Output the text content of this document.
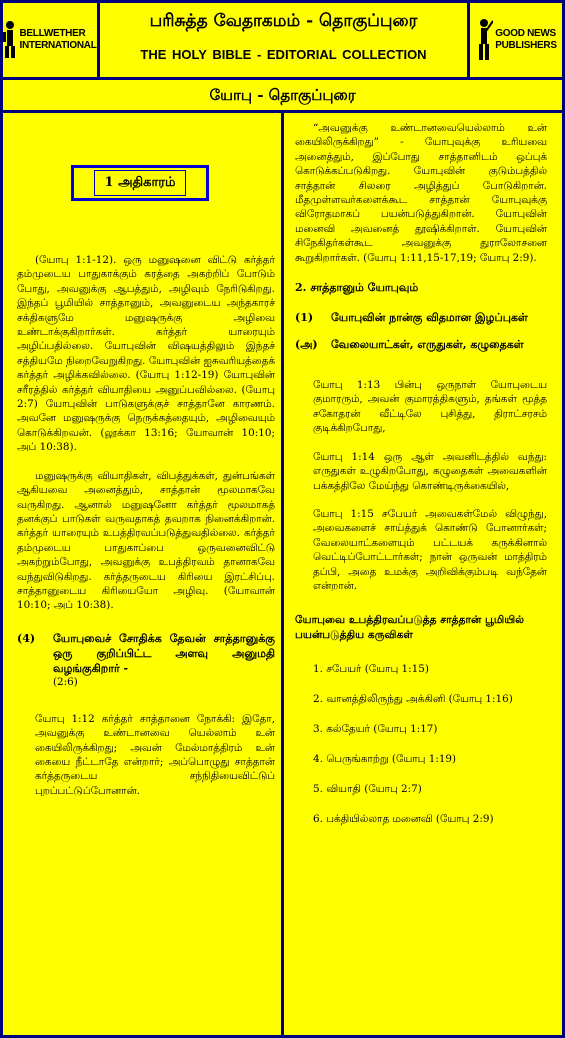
BELLWETHER
INTERNATIONAL
பரிசுத்த வேதாகமம் - தொகுப்புரை
THE HOLY BIBLE - EDITORIAL COLLECTION
GOOD NEWS
PUBLISHERS
யோபு - தொகுப்புரை
1 அதிகாரம்

(யோபு 1:1-12). ஒரு மனுஷனை விட்டு கர்த்தர் தம்முடைய பாதுகாக்கும் கரத்தை அகற்றிப் போடும் போது, அவனுக்கு ஆபத்தும், அழிவும் நேரிடுகிறது. இந்தப் பூமியில் சாத்தானும், அவனுடைய அந்தகாரச் சக்திகளுமே மனுஷருக்கு அழிவை உண்டாக்குகிறார்கள். கர்த்தர் யாரையும் அழிப்பதில்லை. யோபுவின் விஷயத்திலும் இந்தச் சத்தியமே நிறைவேறுகிறது. யோபுவின் ஐசுவரியத்தைக் கர்த்தர் அழிக்கவில்லை. (யோபு 1:12-19) யோபுவின் சரீரத்தில் கர்த்தர் வியாதியை அனுப்பவில்லை. (யோபு 2:7) யோபுவின் பாடுகளுக்குச் சாத்தானே காரணம். அவனே மனுஷருக்கு நெருக்கத்தையும், அழிவையும் கொடுக்கிறவன். (லூக்கா 13:16; யோவான் 10:10; அப் 10:38).

மனுஷருக்கு வியாதிகள், விபத்துக்கள், துன்பங்கள் ஆகியவை அனைத்தும், சாத்தான் மூலமாகவே வருகிறது. ஆனால் மனுஷனோ கர்த்தர் மூலமாகத் தனக்குப் பாடுகள் வருவதாகத் தவறாக நினைக்கிறான். கர்த்தர் யாரையும் உபத்திரவப்படுத்துவதில்லை. கர்த்தர் தம்முடைய பாதுகாப்பை ஒருவனைவிட்டு அகற்றும்போது, அவனுக்கு உபத்திரவம் தானாகவே வந்துவிடுகிறது. கர்த்தருடைய கிரியை இரட்சிப்பு. சாத்தானுடைய கிரியையோ அழிவு. (யோவான் 10:10; அப் 10:38).

(4)	யோபுவைச் சோதிக்க தேவன் சாத்தானுக்கு ஒரு குறிப்பிட்ட அளவு அனுமதி வழங்குகிறார் -
(2:6)

யோபு 1:12 கர்த்தர் சாத்தானை நோக்கி: இதோ, அவனுக்கு உண்டானவை யெல்லாம் உன் கையிலிருக்கிறது; அவன் மேல்மாத்திரம் உன் கையை நீட்டாதே என்றார்; அப்பொழுது சாத்தான் கர்த்தருடைய சந்நிதியைவிட்டுப் புறப்பட்டுப்போனான்.

“அவனுக்கு உண்டானவையெல்லாம் உன் கையிலிருக்கிறது” - யோபுவுக்கு உரியவை அனைத்தும், இப்போது சாத்தானிடம் ஒப்புக் கொடுக்கப்படுகிறது. யோபுவின் குடும்பத்தில் சாத்தான் சிலரை அழித்துப் போடுகிறான். மீதமுள்ளவர்களைக்கூட சாத்தான் யோபுவுக்கு விரோதமாகப் பயன்படுத்துகிறான். யோபுவின் மனைவி அவனைத் தூஷிக்கிறாள். யோபுவின் சிநேகிதர்கள்கூட அவனுக்கு துராலோசனை கூறுகிறார்கள். (யோபு 1:11,15-17,19; யோபு 2:9).

2. சாத்தானும் யோபுவும்
(1)	யோபுவின் நான்கு விதமான இழப்புகள்
(அ)	வேலையாட்கள், எருதுகள், கழுதைகள்

யோபு 1:13 பின்பு ஒருநாள் யோபுடைய குமாரரும், அவன் குமாரத்திகளும், தங்கள் மூத்த சகோதரன் வீட்டிலே புசித்து, திராட்சரசம் குடிக்கிறபோது,

யோபு 1:14 ஒரு ஆள் அவனிடத்தில் வந்து: எருதுகள் உழுகிறபோது, கழுதைகள் அவைகளின் பக்கத்திலே மேய்ந்து கொண்டிருக்கையில்,

யோபு 1:15 சபேயர் அவைகள்மேல் விழுந்து, அவைகளைச் சாய்த்துக் கொண்டு போனார்கள்; வேலையாட்களையும் பட்டயக் கருக்கினால் வெட்டிப்போட்டார்கள்; நான் ஒருவன் மாத்திரம் தப்பி, அதை உமக்கு அறிவிக்கும்படி வந்தேன் என்றான்.

யோபுவை உபத்திரவப்படுத்த சாத்தான் பூமியில் பயன்படுத்திய கருவிகள்
1. சபேயர் (யோபு 1:15)
2. வானத்திலிருந்து அக்கினி (யோபு 1:16)
3. கல்தேயர் (யோபு 1:17)
4. பெருங்காற்று (யோபு 1:19)
5. வியாதி (யோபு 2:7)
6. பக்தியில்லாத மனைவி (யோபு 2:9)
